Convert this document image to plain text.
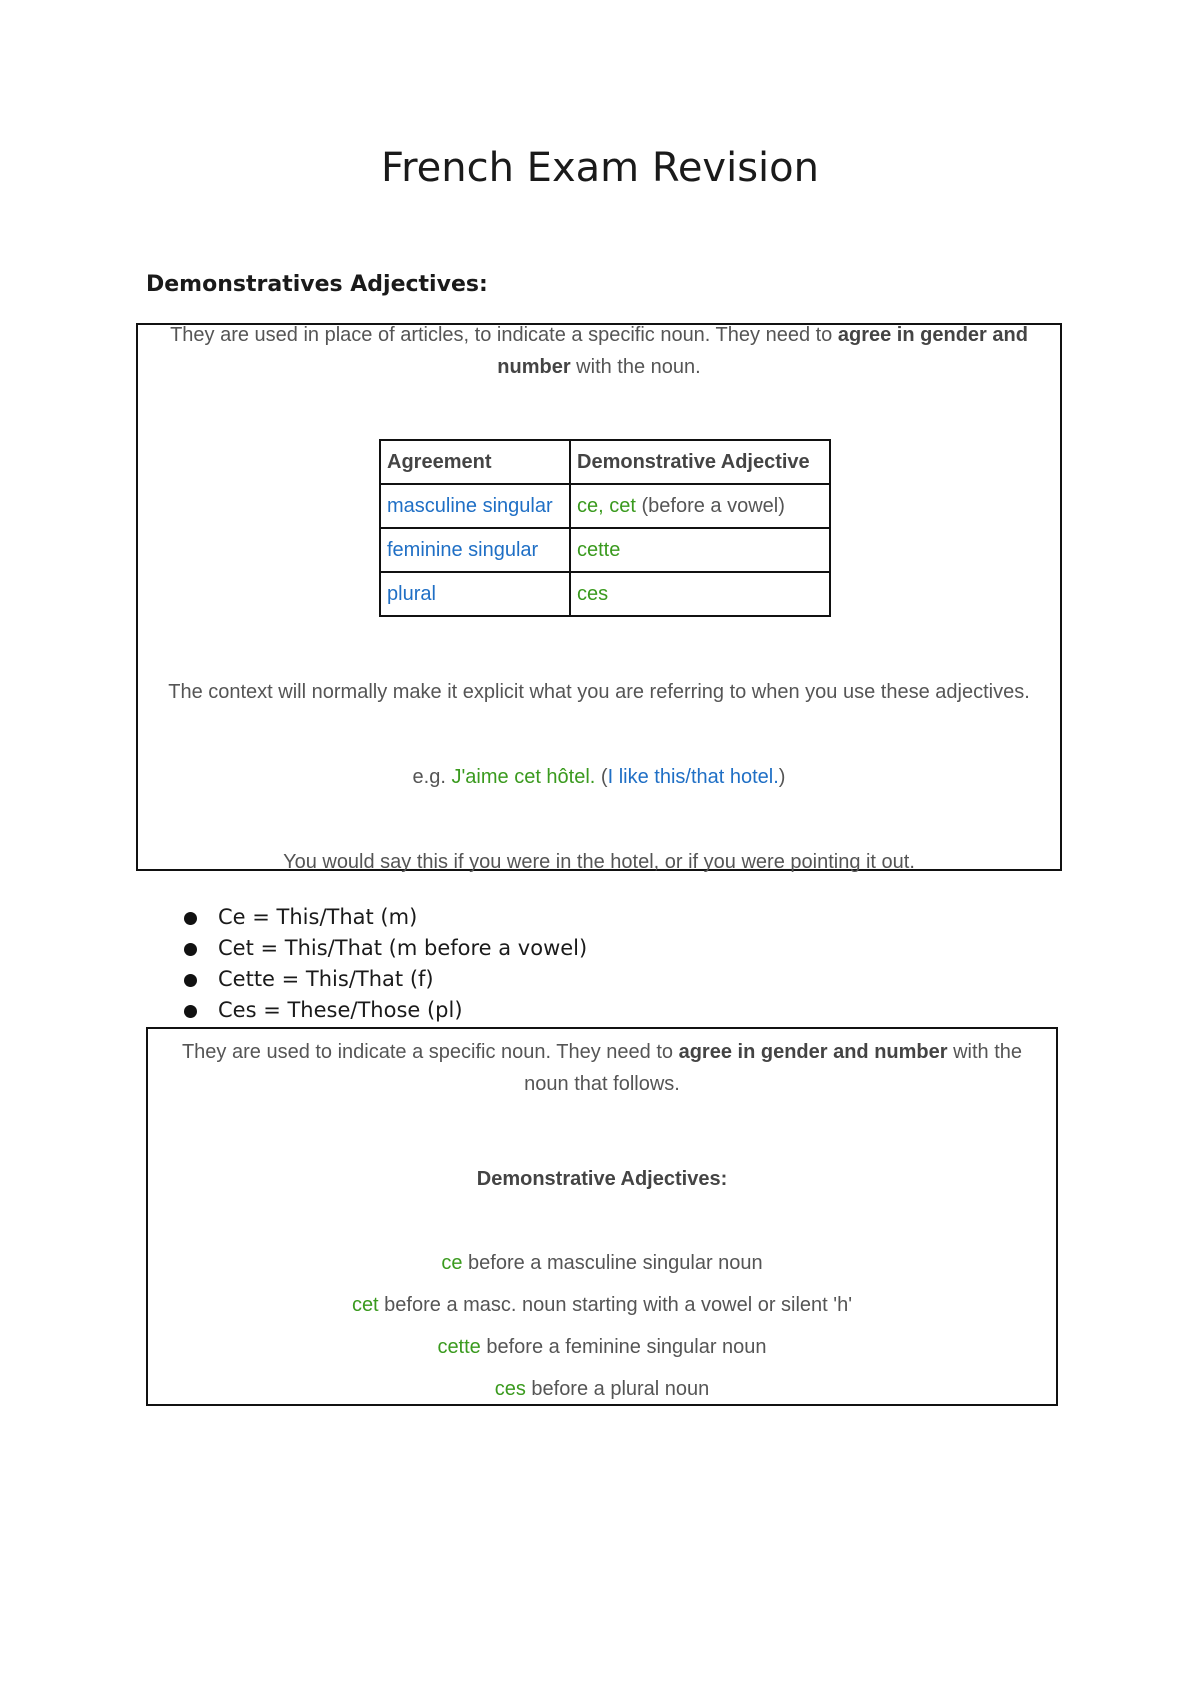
French Exam Revision
Demonstratives Adjectives:
They are used in place of articles, to indicate a specific noun. They need to agree in gender and
number with the noun.
Agreement	Demonstrative Adjective
masculine singular	ce, cet (before a vowel)
feminine singular	cette
plural	ces
The context will normally make it explicit what you are referring to when you use these adjectives.
e.g. J'aime cet hôtel. (I like this/that hotel.)
You would say this if you were in the hotel, or if you were pointing it out.
Ce = This/That (m)
Cet = This/That (m before a vowel)
Cette = This/That (f)
Ces = These/Those (pl)
They are used to indicate a specific noun. They need to agree in gender and number with the
noun that follows.
Demonstrative Adjectives:
ce before a masculine singular noun
cet before a masc. noun starting with a vowel or silent 'h'
cette before a feminine singular noun
ces before a plural noun
